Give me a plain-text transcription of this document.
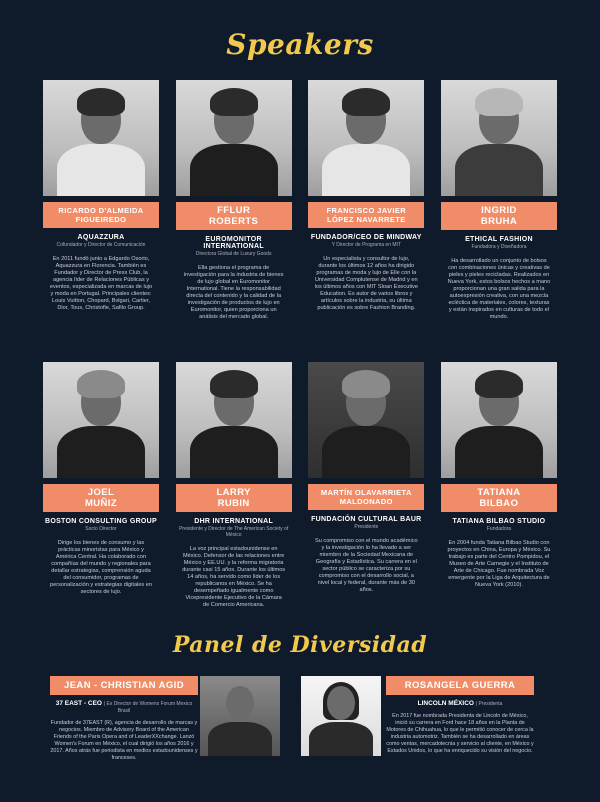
Speakers
RICARDO D'ALMEIDA
FIGUEIREDO
AQUAZZURA
Cofundador y Director de Comunicación
En 2011 fundó junto a Edgardo Osorio, Aquazzura en Florencia. También es Fundador y Director de Press Club, la agencia líder de Relaciones Públicas y eventos, especializada en marcas de lujo y moda en Portugal. Principales clientes: Louis Vuitton, Chopard, Bvlgari, Cartier, Dior, Tous, Christofle, Safilo Group.
FFLUR
ROBERTS
EUROMONITOR INTERNATIONAL
Directora Global de Luxury Goods
Ella gestiona el programa de investigación para la industria de bienes de lujo global en Euromonitor International. Tiene la responsabilidad directa del contenido y la calidad de la investigación de productos de lujo en Euromonitor, quien proporciona un análisis del mercado global.
FRANCISCO JAVIER
LÓPEZ NAVARRETE
FUNDADOR/CEO DE MINDWAY
Y Director de Programa en MIT
Un especialista y consultor de lujo, durante los últimos 12 años ha dirigido programas de moda y lujo de Elle con la Universidad Complutense de Madrid y en los últimos años con MIT Sloan Executive Education. Es autor de varios libros y artículos sobre la industria, su última publicación es sobre Fashion Branding.
INGRID
BRUHA
ETHICAL FASHION
Fundadora y Diseñadora
Ha desarrollado un conjunto de bolsos con combinaciones únicas y creativas de pieles y pieles recicladas. Realizados en Nueva York, estos bolsos hechos a mano proporcionan una gran salida para la autoexpresión creativa, con una mezcla ecléctica de materiales, colores, texturas y están inspirados en culturas de todo el mundo.
JOEL
MUÑIZ
BOSTON CONSULTING GROUP
Socio Director
Dirige los bienes de consumo y las prácticas minoristas para México y América Central. Ha colaborado con compañías del mundo y regionales para detallar estrategias, comprensión aguda del consumidor, programas de personalización y estrategias digitales en sectores de lujo.
LARRY
RUBIN
DHR INTERNATIONAL
Presidente y Director de The American Society of México
La voz principal estadounidense en México. Defensor de las relaciones entre México y EE.UU. y la reforma migratoria durante casi 15 años. Durante los últimos 14 años, ha servido como líder de los republicanos en México. Se ha desempeñado igualmente como Vicepresidente Ejecutivo de la Cámara de Comercio Americana.
MARTÍN OLAVARRIETA
MALDONADO
FUNDACIÓN CULTURAL BAUR
Presidente
Su compromiso con el mundo académico y la investigación lo ha llevado a ser miembro de la Sociedad Mexicana de Geografía y Estadística. Su carrera en el sector público se caracteriza por su compromiso con el desarrollo social, a nivel local y federal, durante más de 30 años.
TATIANA
BILBAO
TATIANA BILBAO STUDIO
Fundadora
En 2004 funda Tatiana Bilbao Studio con proyectos en China, Europa y México. Su trabajo es parte del Centro Pompidou, el Museo de Arte Carnegie y el Instituto de Arte de Chicago. Fue nombrada Voz emergente por la Liga de Arquitectura de Nueva York (2010).
Panel de Diversidad
JEAN - CHRISTIAN AGID
37 EAST - CEO | Ex Director de Womens Forum Mexico Brasil
Fundador de 37EAST (R), agencia de desarrollo de marcas y negocios. Miembro de Advisory Board of the American Friends of the Paris Opera and of LeaderXXchange. Lanzó Women's Forum en México, el cual dirigió los años 2016 y 2017. Años atrás fue periodista en medios estadounidenses y franceses.
ROSANGELA GUERRA
LINCOLN MÉXICO | Presidenta
En 2017 fue nombrada Presidenta de Lincoln de México, inició su carrera en Ford hace 18 años en la Planta de Motores de Chihuahua, lo que le permitió conocer de cerca la industria automotriz. También se ha desarrollado en áreas como ventas, mercadotecnia y servicio al cliente, en México y Estados Unidos, lo que ha enriquecido su visión del negocio.
